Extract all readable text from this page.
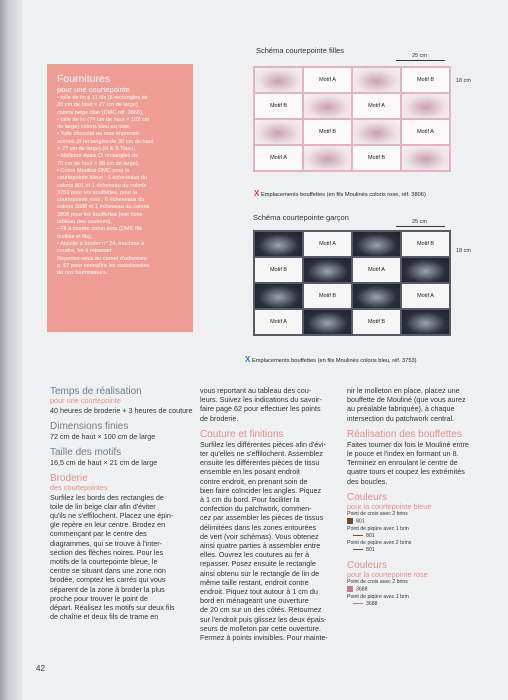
Fournitures
pour une courtepointe

• toile de lin à 11 fils (8 rectangles de

30 cm de haut × 27 cm de large)

coloris beige clair (DMC réf. 3865),

• toile de lin (74 cm de haut × 102 cm

de large) coloris bleu ou rose,

• Toile chocolat ou rose imprimée

scènes (8 rectangles de 30 cm de haut

× 27 cm de large) (H & S Tissu),

• Molleton épais (2 rectangles de

70 cm de haut × 98 cm de large),

• Coton Mouliné DMC pour la

courtepointe bleue : 5 écheveaux du

coloris 801 et 1 écheveau du coloris

3753 pour les bouffettes, pour la

courtepointe rose : 6 écheveaux du

coloris 3688 et 1 écheveau du coloris

3806 pour les bouffettes (voir fiche

tableau des couleurs),

• Fil à coudre coton écru (DMC fils

textiles et fils),

• Aiguille à broder n° 24, machine à

coudre, fer à repasser.

Reportez-vous au carnet d'adresses

p. 67 pour connaître les coordonnées

de nos fournisseurs.

Schéma courtepointe filles
25 cm
18 cm
Motif A	Motif B
Motif B	Motif A
Motif B	Motif A
Motif A	Motif B
X Emplacements bouffettes (en fils Moulinés coloris rose, réf. 3806)
Schéma courtepointe garçon	25 cm
18 cm
Motif A	Motif B
Motif B	Motif A
Motif B	Motif A
Motif A	Motif B
X Emplacements bouffettes (en fils Moulinés coloris bleu, réf. 3753)
Temps de réalisation
pour une courtepointe

40 heures de broderie + 3 heures de couture

Dimensions finies

72 cm de haut × 100 cm de large

Taille des motifs

16,5 cm de haut × 21 cm de large

Broderie
des courtepointes

Surfilez les bords des rectangles de

toile de lin beige clair afin d'éviter

qu'ils ne s'effilochent. Placez une épin-

gle repère en leur centre. Brodez en

commençant par le centre des

diagrammes, qui se trouve à l'inter-

section des flèches noires. Pour les

motifs de la courtepointe bleue, le

centre se situant dans une zone non

brodée, comptez les carrés qui vous

séparent de la zone à broder la plus

proche pour trouver le point de

départ. Réalisez les motifs sur deux fils

de chaîne et deux fils de trame en

vous reportant au tableau des cou-

leurs. Suivez les indications du savoir-

faire page 62 pour effectuer les points

de broderie.

Couture et finitions

Surfilez les différentes pièces afin d'évi-

ter qu'elles ne s'effilochent. Assemblez

ensuite les différentes pièces de tissu

ensemble en les posant endroit

contre endroit, en prenant soin de

bien faire coïncider les angles. Piquez

à 1 cm du bord. Pour faciliter la

confection du patchwork, commen-

cez par assembler les pièces de tissus

délimitées dans les zones entourées

de vert (voir schémas). Vous obtenez

ainsi quatre parties à assembler entre

elles. Ouvrez les coutures au fer à

repasser. Posez ensuite le rectangle

ainsi obtenu sur le rectangle de lin de

même taille restant, endroit contre

endroit. Piquez tout autour à 1 cm du

bord en ménageant une ouverture

de 20 cm sur un des côtés. Retournez

sur l'endroit puis glissez les deux épais-

seurs de molleton par cette ouverture.

Fermez à points invisibles. Pour mainte-

nir le molleton en place, placez une

bouffette de Mouliné (que vous aurez

au préalable fabriquée), à chaque

intersection du patchwork central.

Réalisation des bouffettes

Faites tourner dix fois le Mouliné entre

le pouce et l'index en formant un 8.

Terminez en enroulant le centre de

quatre tours et coupez les extrémités

des boucles.

Couleurs
pour la courtepointe bleue
Point de croix avec 2 brins
801
Point de piqûre avec 1 brin
801
Point de piqûre avec 2 brins
801
Couleurs
pour la courtepointe rose
Point de croix avec 2 brins
3688
Point de piqûre avec 1 brin
3688
42
